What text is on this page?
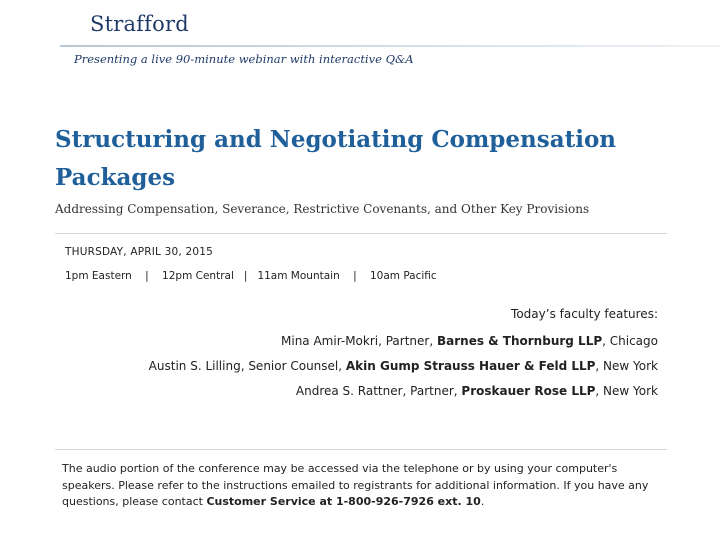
Strafford
Presenting a live 90-minute webinar with interactive Q&A
Structuring and Negotiating Compensation Packages
Addressing Compensation, Severance, Restrictive Covenants, and Other Key Provisions
THURSDAY, APRIL 30, 2015
1pm Eastern    |    12pm Central   |   11am Mountain    |    10am Pacific
Today’s faculty features:
Mina Amir-Mokri, Partner, Barnes & Thornburg LLP, Chicago
Austin S. Lilling, Senior Counsel, Akin Gump Strauss Hauer & Feld LLP, New York
Andrea S. Rattner, Partner, Proskauer Rose LLP, New York
The audio portion of the conference may be accessed via the telephone or by using your computer's speakers. Please refer to the instructions emailed to registrants for additional information. If you have any questions, please contact Customer Service at 1-800-926-7926 ext. 10.
